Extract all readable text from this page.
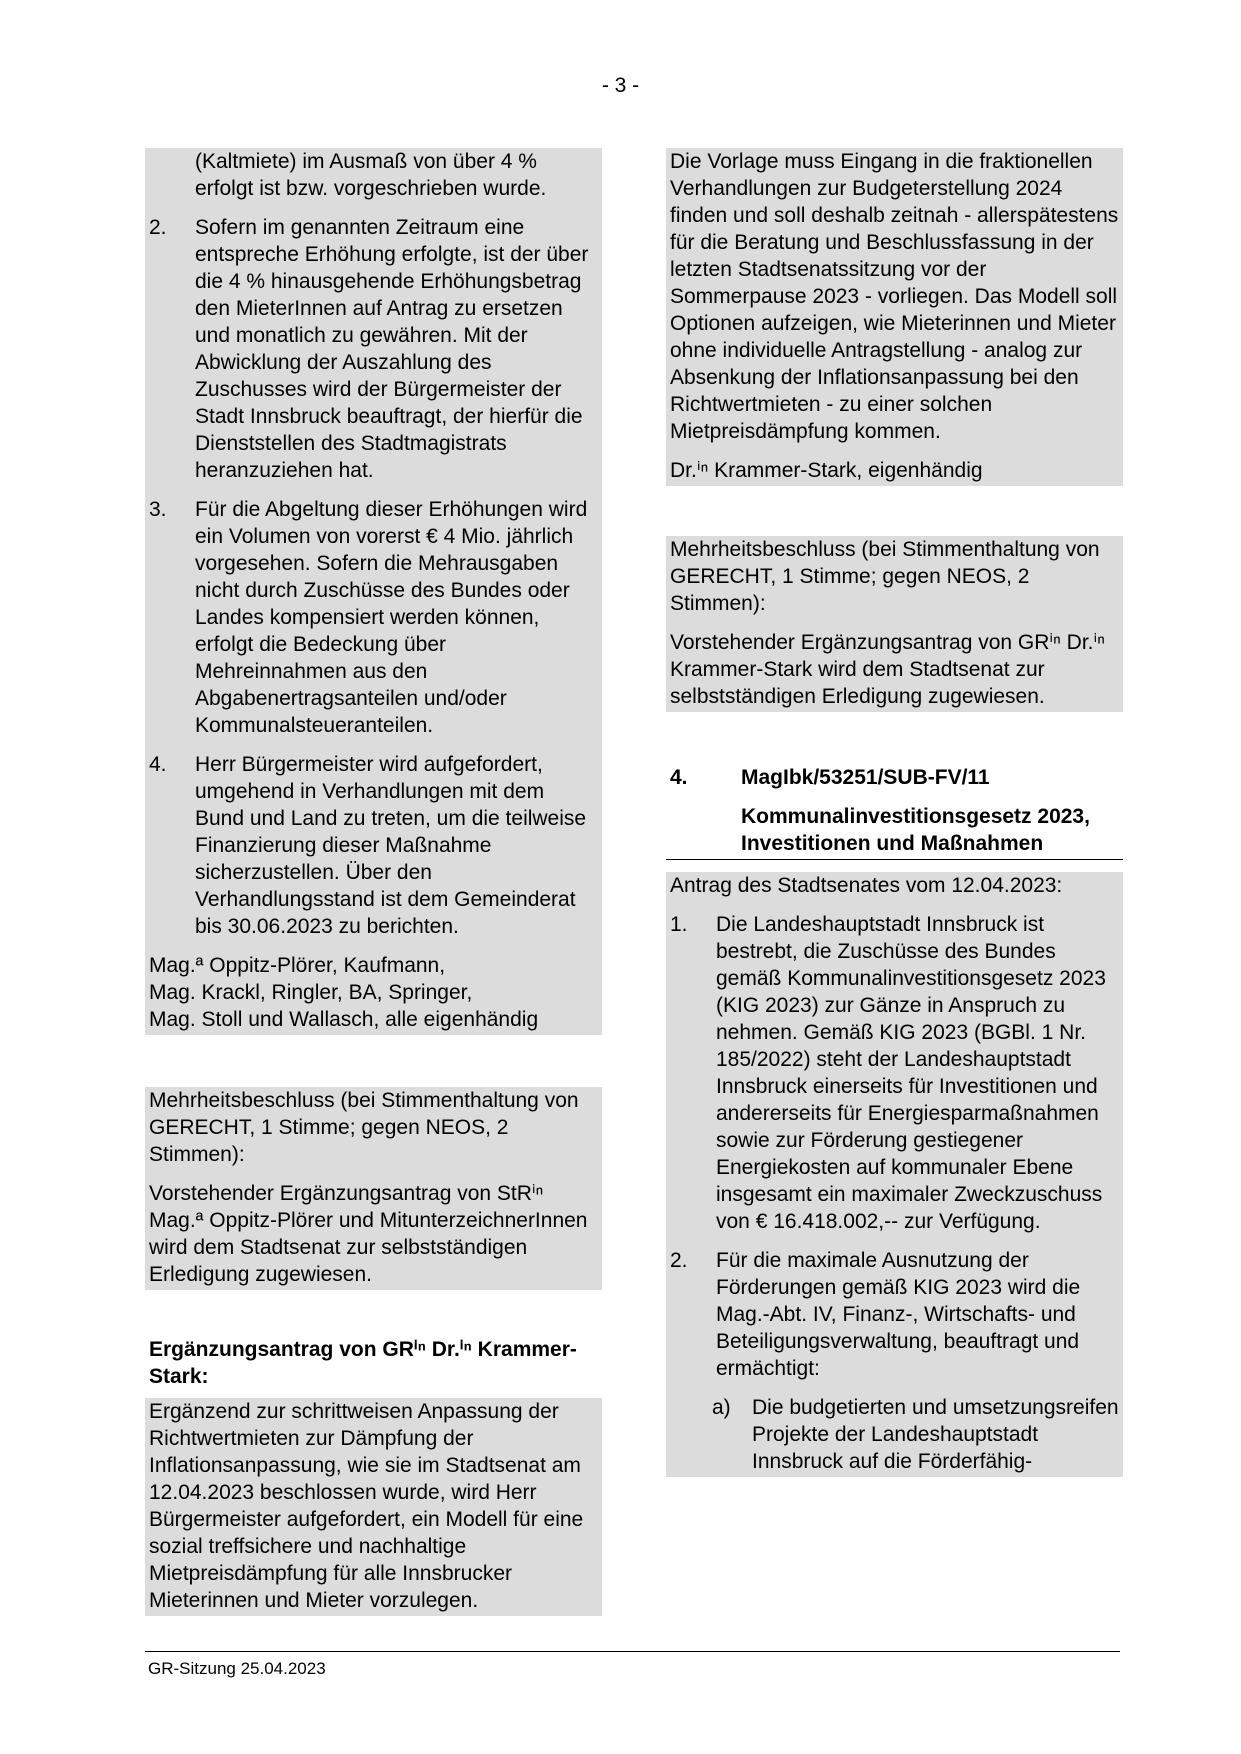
- 3 -

(Kaltmiete) im Ausmaß von über 4 %

erfolgt ist bzw. vorgeschrieben wurde.

2.	Sofern im genannten Zeitraum eine entspreche Erhöhung erfolgte, ist der über die 4 % hinausgehende Erhöhungsbetrag den MieterInnen auf Antrag zu ersetzen und monatlich zu gewähren. Mit der Abwicklung der Auszahlung des Zuschusses wird der Bürgermeister der Stadt Innsbruck beauftragt, der hierfür die Dienststellen des Stadtmagistrats heranzuziehen hat.
3.	Für die Abgeltung dieser Erhöhungen wird ein Volumen von vorerst € 4 Mio. jährlich vorgesehen. Sofern die Mehrausgaben nicht durch Zuschüsse des Bundes oder Landes kompensiert werden können, erfolgt die Bedeckung über Mehreinnahmen aus den Abgabenertragsanteilen und/oder Kommunalsteueranteilen.
4.	Herr Bürgermeister wird aufgefordert, umgehend in Verhandlungen mit dem Bund und Land zu treten, um die teilweise Finanzierung dieser Maßnahme sicherzustellen. Über den Verhandlungsstand ist dem Gemeinderat bis 30.06.2023 zu berichten.

Mag.ª Oppitz-Plörer, Kaufmann,

Mag. Krackl, Ringler, BA, Springer,

Mag. Stoll und Wallasch, alle eigenhändig

Mehrheitsbeschluss (bei Stimmenthaltung von GERECHT, 1 Stimme; gegen NEOS, 2 Stimmen):

Vorstehender Ergänzungsantrag von StRⁱⁿ Mag.ª Oppitz-Plörer und MitunterzeichnerInnen wird dem Stadtsenat zur selbstständigen Erledigung zugewiesen.

Ergänzungsantrag von GRⁱⁿ Dr.ⁱⁿ Krammer-Stark:

Ergänzend zur schrittweisen Anpassung der Richtwertmieten zur Dämpfung der Inflationsanpassung, wie sie im Stadtsenat am 12.04.2023 beschlossen wurde, wird Herr Bürgermeister aufgefordert, ein Modell für eine sozial treffsichere und nachhaltige Mietpreisdämpfung für alle Innsbrucker Mieterinnen und Mieter vorzulegen.

Die Vorlage muss Eingang in die fraktionellen Verhandlungen zur Budgeterstellung 2024 finden und soll deshalb zeitnah - allerspätestens für die Beratung und Beschlussfassung in der letzten Stadtsenatssitzung vor der Sommerpause 2023 - vorliegen. Das Modell soll Optionen aufzeigen, wie Mieterinnen und Mieter ohne individuelle Antragstellung - analog zur Absenkung der Inflationsanpassung bei den Richtwertmieten - zu einer solchen Mietpreisdämpfung kommen.

Dr.ⁱⁿ Krammer-Stark, eigenhändig

Mehrheitsbeschluss (bei Stimmenthaltung von GERECHT, 1 Stimme; gegen NEOS, 2 Stimmen):

Vorstehender Ergänzungsantrag von GRⁱⁿ Dr.ⁱⁿ Krammer-Stark wird dem Stadtsenat zur selbstständigen Erledigung zugewiesen.

4.	MagIbk/53251/SUB-FV/11
Kommunalinvestitionsgesetz 2023, Investitionen und Maßnahmen

Antrag des Stadtsenates vom 12.04.2023:

1.	Die Landeshauptstadt Innsbruck ist bestrebt, die Zuschüsse des Bundes gemäß Kommunalinvestitionsgesetz 2023 (KIG 2023) zur Gänze in Anspruch zu nehmen. Gemäß KIG 2023 (BGBl. 1 Nr. 185/2022) steht der Landeshauptstadt Innsbruck einerseits für Investitionen und andererseits für Energiesparmaßnahmen sowie zur Förderung gestiegener Energiekosten auf kommunaler Ebene insgesamt ein maximaler Zweckzuschuss von € 16.418.002,-- zur Verfügung.
2.	Für die maximale Ausnutzung der Förderungen gemäß KIG 2023 wird die Mag.-Abt. IV, Finanz-, Wirtschafts- und Beteiligungsverwaltung, beauftragt und ermächtigt:
a)	Die budgetierten und umsetzungsreifen Projekte der Landeshauptstadt Innsbruck auf die Förderfähig-
GR-Sitzung 25.04.2023
